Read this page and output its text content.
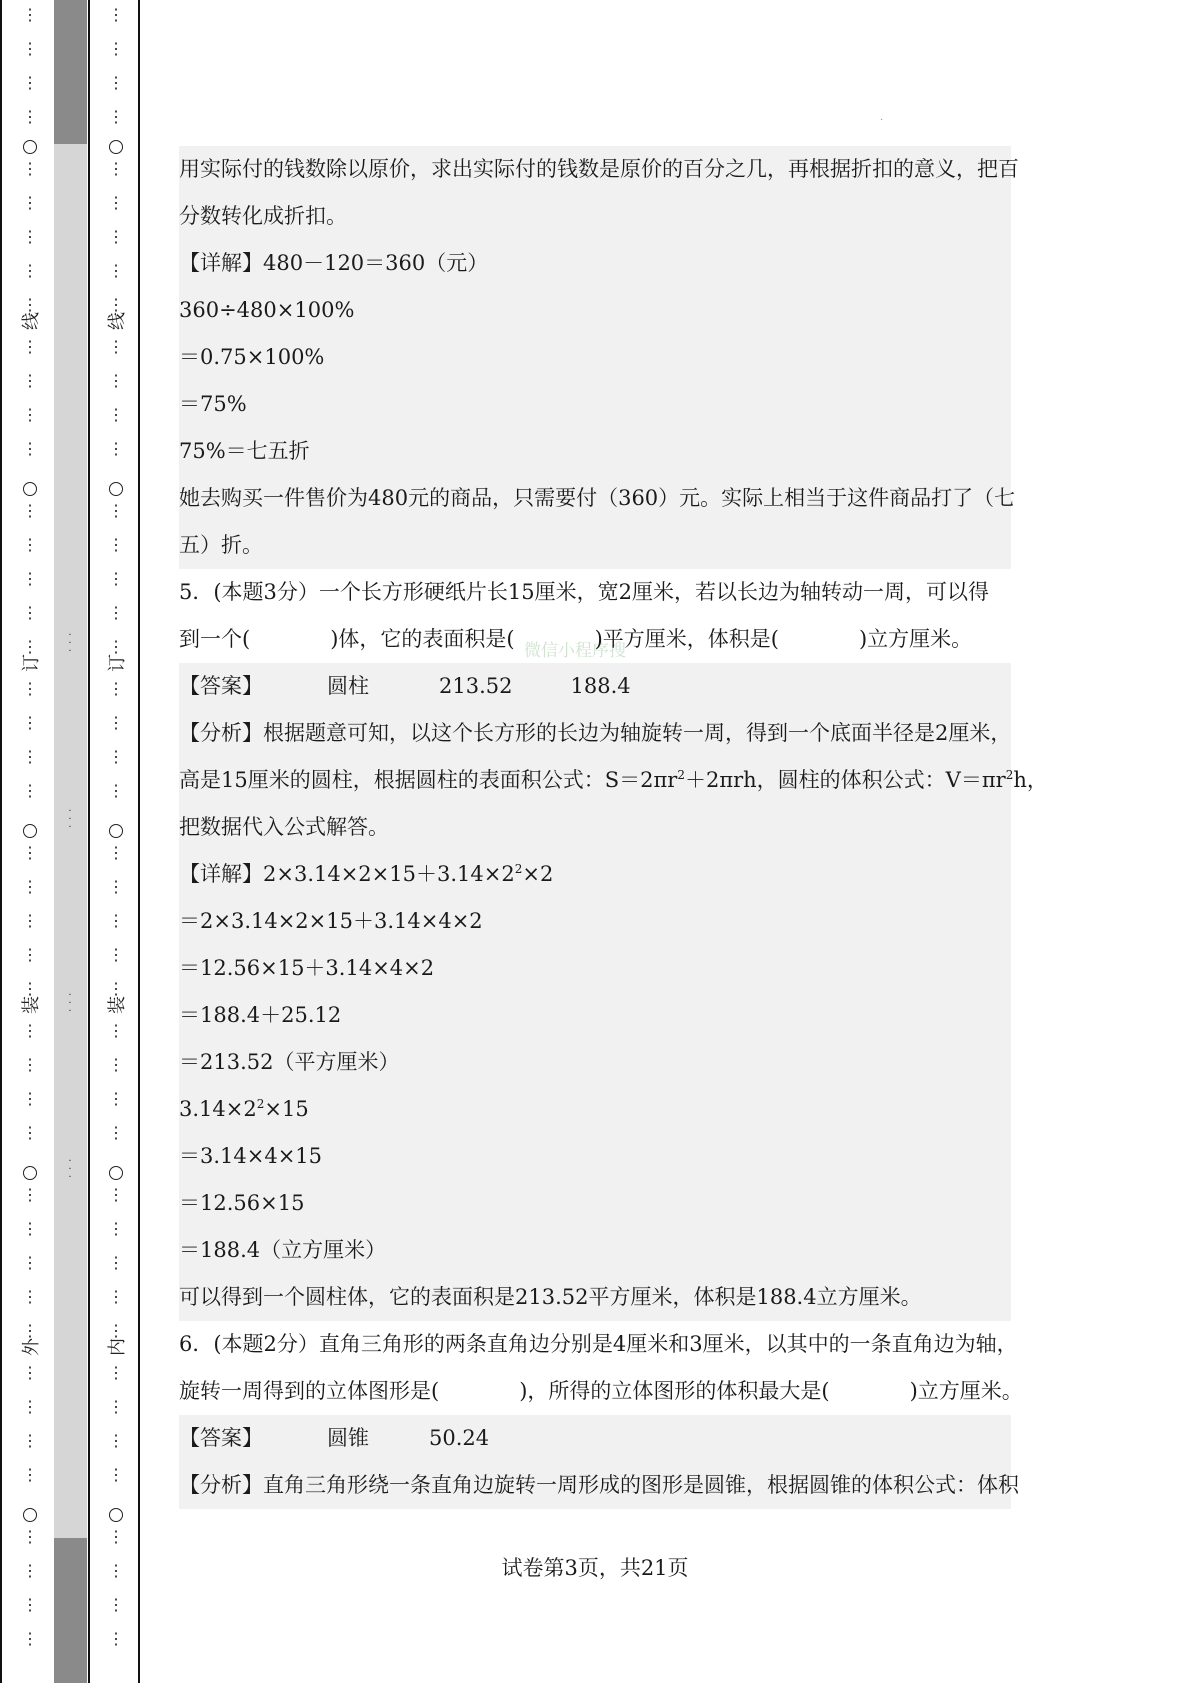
·
·
·
·
·
·
·
·
·
·
·
·
⋮
⋮
⋮
⋮
⋮
⋮
⋮
⋮
⋮
线
⋮
⋮
⋮
⋮
⋮
⋮
⋮
⋮
⋮
订
⋮
⋮
⋮
⋮
⋮
⋮
⋮
⋮
⋮
装
⋮
⋮
⋮
⋮
⋮
⋮
⋮
⋮
⋮
外
⋮
⋮
⋮
⋮
⋮
⋮
⋮
⋮
⋮
⋮
⋮
⋮
⋮
⋮
⋮
⋮
⋮
线
⋮
⋮
⋮
⋮
⋮
⋮
⋮
⋮
⋮
订
⋮
⋮
⋮
⋮
⋮
⋮
⋮
⋮
⋮
装
⋮
⋮
⋮
⋮
⋮
⋮
⋮
⋮
⋮
内
⋮
⋮
⋮
⋮
⋮
⋮
⋮
⋮
·
微信小程序搜
用实际付的钱数除以原价，求出实际付的钱数是原价的百分之几，再根据折扣的意义，把百
分数转化成折扣。
【详解】480－120＝360（元）
360÷480×100%
＝0.75×100%
＝75%
75%＝七五折
她去购买一件售价为480元的商品，只需要付（360）元。实际上相当于这件商品打了（七
五）折。
5．(本题3分）一个长方形硬纸片长15厘米，宽2厘米，若以长边为轴转动一周，可以得
到一个(	)体，它的表面积是(	)平方厘米，体积是(	)立方厘米。
【答案】	圆柱	213.52	188.4
【分析】根据题意可知，以这个长方形的长边为轴旋转一周，得到一个底面半径是2厘米，
高是15厘米的圆柱，根据圆柱的表面积公式：$S=2\pi r^2+2\pi rh$，圆柱的体积公式：$V=\pi r^2h$，
把数据代入公式解答。
【详解】$2\times 3.14\times 2\times 15+3.14\times 2^2\times 2$
＝2×3.14×2×15＋3.14×4×2
＝12.56×15＋3.14×4×2
＝188.4＋25.12
＝213.52（平方厘米）
$3.14\times 2^2\times 15$
＝3.14×4×15
＝12.56×15
＝188.4（立方厘米）
可以得到一个圆柱体，它的表面积是213.52平方厘米，体积是188.4立方厘米。
6．(本题2分）直角三角形的两条直角边分别是4厘米和3厘米，以其中的一条直角边为轴，
旋转一周得到的立体图形是(	)，所得的立体图形的体积最大是(	)立方厘米。
【答案】	圆锥	50.24
【分析】直角三角形绕一条直角边旋转一周形成的图形是圆锥，根据圆锥的体积公式：体积
试卷第3页，共21页
